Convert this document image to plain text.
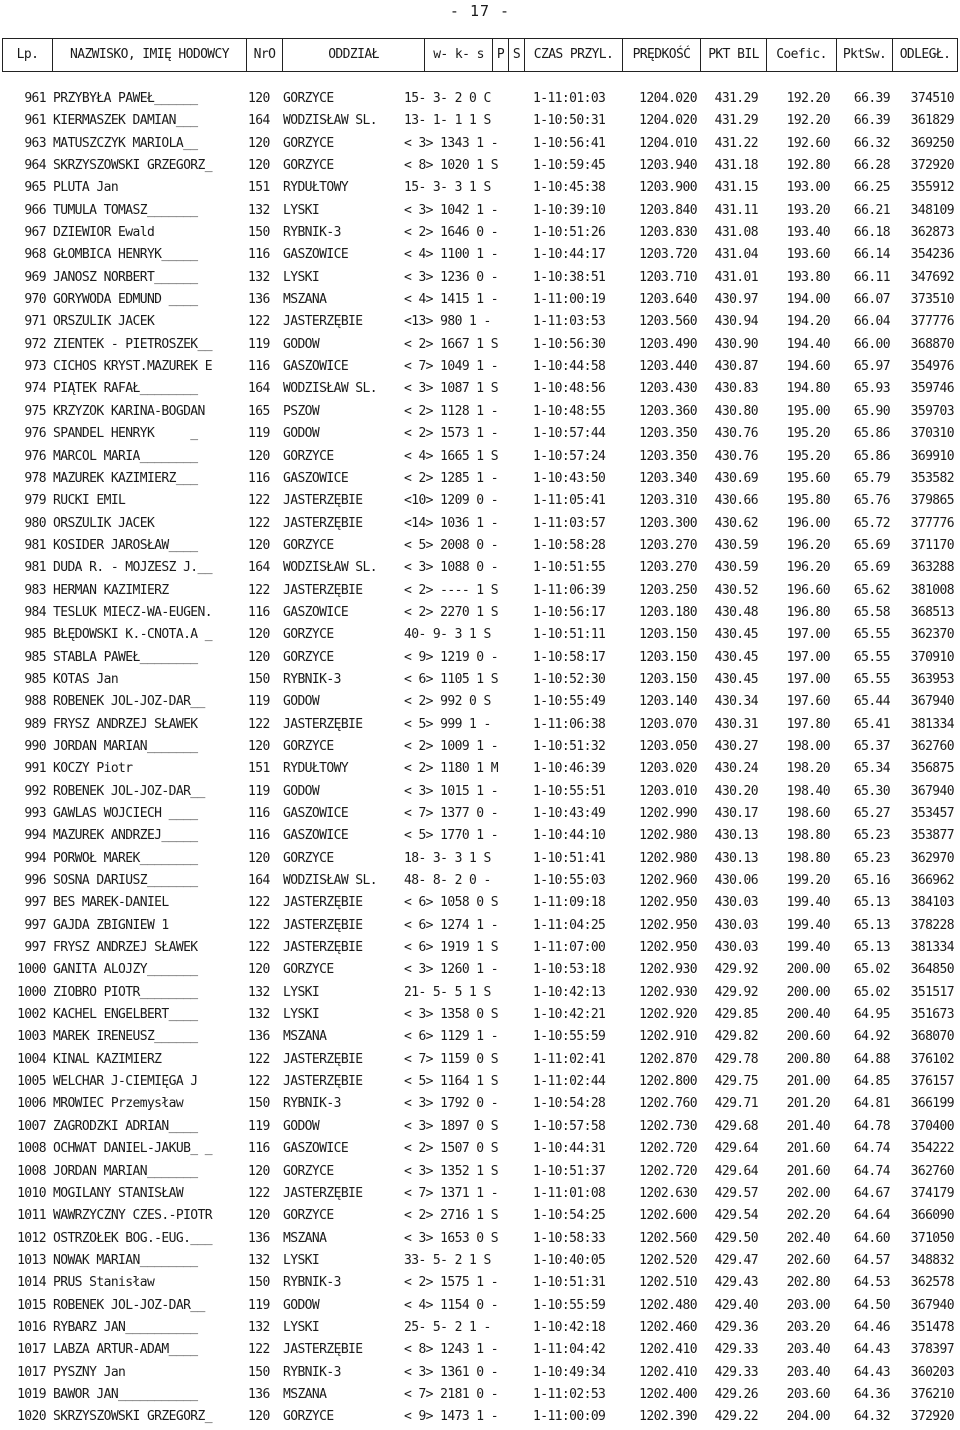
- 17 -
Lp.	NAZWISKO, IMIĘ HODOWCY	NrO	ODDZIAŁ	w- k- s	P S	CZAS PRZYL.	PRĘDKOŚĆ	PKT BIL	Coefic.	PktSw.	ODLEGŁ.
961 PRZYBYŁA PAWEŁ______	120	GORZYCE	15- 3- 2 0 C	1-11:01:03	1204.020	431.29	192.20	66.39	374510
961 KIERMASZEK DAMIAN___	164	WODZISŁAW ŚL.	13- 1- 1 1 S	1-10:50:31	1204.020	431.29	192.20	66.39	361829
963 MATUSZCZYK MARIOLA__	120	GORZYCE	< 3> 1343 1 -	1-10:56:41	1204.010	431.22	192.60	66.32	369250
964 SKRZYSZOWSKI GRZEGORZ_	120	GORZYCE	< 8> 1020 1 S	1-10:59:45	1203.940	431.18	192.80	66.28	372920
965 PLUTA Jan	151	RYDUŁTOWY	15- 3- 3 1 S	1-10:45:38	1203.900	431.15	193.00	66.25	355912
966 TUMULA TOMASZ_______	132	LYSKI	< 3> 1042 1 -	1-10:39:10	1203.840	431.11	193.20	66.21	348109
967 DZIEWIOR Ewald	150	RYBNIK-3	< 2> 1646 0 -	1-10:51:26	1203.830	431.08	193.40	66.18	362873
968 GŁOMBICA HENRYK_____	116	GASZOWICE	< 4> 1100 1 -	1-10:44:17	1203.720	431.04	193.60	66.14	354236
969 JANOSZ NORBERT______	132	LYSKI	< 3> 1236 0 -	1-10:38:51	1203.710	431.01	193.80	66.11	347692
970 GORYWODA EDMUND ____	136	MSZANA	< 4> 1415 1 -	1-11:00:19	1203.640	430.97	194.00	66.07	373510
971 ORSZULIK JACEK	122	JASTERZĘBIE	<13> 980 1 -	1-11:03:53	1203.560	430.94	194.20	66.04	377776
972 ZIENTEK - PIETROSZEK__	119	GODÓW	< 2> 1667 1 S	1-10:56:30	1203.490	430.90	194.40	66.00	368870
973 CICHOS KRYST.MAZUREK E	116	GASZOWICE	< 7> 1049 1 -	1-10:44:58	1203.440	430.87	194.60	65.97	354976
974 PIĄTEK RAFAŁ________	164	WODZISŁAW ŚL.	< 3> 1087 1 S	1-10:48:56	1203.430	430.83	194.80	65.93	359746
975 KRZYŻOK KARINA-BOGDAN	165	PSZÓW	< 2> 1128 1 -	1-10:48:55	1203.360	430.80	195.00	65.90	359703
976 SPANDEL HENRYK     _	119	GODÓW	< 2> 1573 1 -	1-10:57:44	1203.350	430.76	195.20	65.86	370310
976 MARCOL MARIA________	120	GORZYCE	< 4> 1665 1 S	1-10:57:24	1203.350	430.76	195.20	65.86	369910
978 MAZUREK KAZIMIERZ___	116	GASZOWICE	< 2> 1285 1 -	1-10:43:50	1203.340	430.69	195.60	65.79	353582
979 RUCKI EMIL	122	JASTERZĘBIE	<10> 1209 0 -	1-11:05:41	1203.310	430.66	195.80	65.76	379865
980 ORSZULIK JACEK	122	JASTERZĘBIE	<14> 1036 1 -	1-11:03:57	1203.300	430.62	196.00	65.72	377776
981 KOSIDER JAROSŁAW____	120	GORZYCE	< 5> 2008 0 -	1-10:58:28	1203.270	430.59	196.20	65.69	371170
981 DUDA R. - MOJŻESZ J.__	164	WODZISŁAW ŚL.	< 3> 1088 0 -	1-10:51:55	1203.270	430.59	196.20	65.69	363288
983 HERMAN KAZIMIERZ	122	JASTERZĘBIE	< 2> ---- 1 S	1-11:06:39	1203.250	430.52	196.60	65.62	381008
984 TESLUK MIECZ-WA-EUGEN.	116	GASZOWICE	< 2> 2270 1 S	1-10:56:17	1203.180	430.48	196.80	65.58	368513
985 BŁĘDOWSKI K.-CNOTA.A _	120	GORZYCE	40- 9- 3 1 S	1-10:51:11	1203.150	430.45	197.00	65.55	362370
985 STABLA PAWEŁ________	120	GORZYCE	< 9> 1219 0 -	1-10:58:17	1203.150	430.45	197.00	65.55	370910
985 KOTAS Jan	150	RYBNIK-3	< 6> 1105 1 S	1-10:52:30	1203.150	430.45	197.00	65.55	363953
988 ROBENEK JOL-JÓZ-DAR__	119	GODÓW	< 2> 992 0 S	1-10:55:49	1203.140	430.34	197.60	65.44	367940
989 FRYSZ ANDRZEJ SŁAWEK	122	JASTERZĘBIE	< 5> 999 1 -	1-11:06:38	1203.070	430.31	197.80	65.41	381334
990 JORDAN MARIAN_______	120	GORZYCE	< 2> 1009 1 -	1-10:51:32	1203.050	430.27	198.00	65.37	362760
991 KOCZY Piotr	151	RYDUŁTOWY	< 2> 1180 1 M	1-10:46:39	1203.020	430.24	198.20	65.34	356875
992 ROBENEK JOL-JÓZ-DAR__	119	GODÓW	< 3> 1015 1 -	1-10:55:51	1203.010	430.20	198.40	65.30	367940
993 GAWLAS WOJCIECH ____	116	GASZOWICE	< 7> 1377 0 -	1-10:43:49	1202.990	430.17	198.60	65.27	353457
994 MAZUREK ANDRZEJ_____	116	GASZOWICE	< 5> 1770 1 -	1-10:44:10	1202.980	430.13	198.80	65.23	353877
994 PORWOŁ MAREK________	120	GORZYCE	18- 3- 3 1 S	1-10:51:41	1202.980	430.13	198.80	65.23	362970
996 SOSNA DARIUSZ_______	164	WODZISŁAW ŚL.	48- 8- 2 0 -	1-10:55:03	1202.960	430.06	199.20	65.16	366962
997 BEŚ MAREK-DANIEL	122	JASTERZĘBIE	< 6> 1058 0 S	1-11:09:18	1202.950	430.03	199.40	65.13	384103
997 GAJDA ZBIGNIEW 1	122	JASTERZĘBIE	< 6> 1274 1 -	1-11:04:25	1202.950	430.03	199.40	65.13	378228
997 FRYSZ ANDRZEJ SŁAWEK	122	JASTERZĘBIE	< 6> 1919 1 S	1-11:07:00	1202.950	430.03	199.40	65.13	381334
1000 GANITA ALOJZY_______	120	GORZYCE	< 3> 1260 1 -	1-10:53:18	1202.930	429.92	200.00	65.02	364850
1000 ZIOBRO PIOTR________	132	LYSKI	21- 5- 5 1 S	1-10:42:13	1202.930	429.92	200.00	65.02	351517
1002 KACHEL ENGELBERT____	132	LYSKI	< 3> 1358 0 S	1-10:42:21	1202.920	429.85	200.40	64.95	351673
1003 MAREK IRENEUSZ______	136	MSZANA	< 6> 1129 1 -	1-10:55:59	1202.910	429.82	200.60	64.92	368070
1004 KINAL KAZIMIERZ	122	JASTERZĘBIE	< 7> 1159 0 S	1-11:02:41	1202.870	429.78	200.80	64.88	376102
1005 WELCHAR J-CIEMIĘGA J	122	JASTERZĘBIE	< 5> 1164 1 S	1-11:02:44	1202.800	429.75	201.00	64.85	376157
1006 MROWIEC Przemysław	150	RYBNIK-3	< 3> 1792 0 -	1-10:54:28	1202.760	429.71	201.20	64.81	366199
1007 ZAGRODZKI ADRIAN____	119	GODÓW	< 3> 1897 0 S	1-10:57:58	1202.730	429.68	201.40	64.78	370400
1008 OCHWAT DANIEL-JAKUB_ _	116	GASZOWICE	< 2> 1507 0 S	1-10:44:31	1202.720	429.64	201.60	64.74	354222
1008 JORDAN MARIAN_______	120	GORZYCE	< 3> 1352 1 S	1-10:51:37	1202.720	429.64	201.60	64.74	362760
1010 MOGILANY STANISŁAW	122	JASTERZĘBIE	< 7> 1371 1 -	1-11:01:08	1202.630	429.57	202.00	64.67	374179
1011 WAWRZYCZNY CZES.-PIOTR	120	GORZYCE	< 2> 2716 1 S	1-10:54:25	1202.600	429.54	202.20	64.64	366090
1012 OSTRZOŁEK BOG.-EUG.___	136	MSZANA	< 3> 1653 0 S	1-10:58:33	1202.560	429.50	202.40	64.60	371050
1013 NOWAK MARIAN________	132	LYSKI	33- 5- 2 1 S	1-10:40:05	1202.520	429.47	202.60	64.57	348832
1014 PRUS Stanisław	150	RYBNIK-3	< 2> 1575 1 -	1-10:51:31	1202.510	429.43	202.80	64.53	362578
1015 ROBENEK JOL-JÓZ-DAR__	119	GODÓW	< 4> 1154 0 -	1-10:55:59	1202.480	429.40	203.00	64.50	367940
1016 RYBARZ JAN__________	132	LYSKI	25- 5- 2 1 -	1-10:42:18	1202.460	429.36	203.20	64.46	351478
1017 LABZA ARTUR-ADAM____	122	JASTERZĘBIE	< 8> 1243 1 -	1-11:04:42	1202.410	429.33	203.40	64.43	378397
1017 PYSZNY Jan	150	RYBNIK-3	< 3> 1361 0 -	1-10:49:34	1202.410	429.33	203.40	64.43	360203
1019 BAWOR JAN___________	136	MSZANA	< 7> 2181 0 -	1-11:02:53	1202.400	429.26	203.60	64.36	376210
1020 SKRZYSZOWSKI GRZEGORZ_	120	GORZYCE	< 9> 1473 1 -	1-11:00:09	1202.390	429.22	204.00	64.32	372920
